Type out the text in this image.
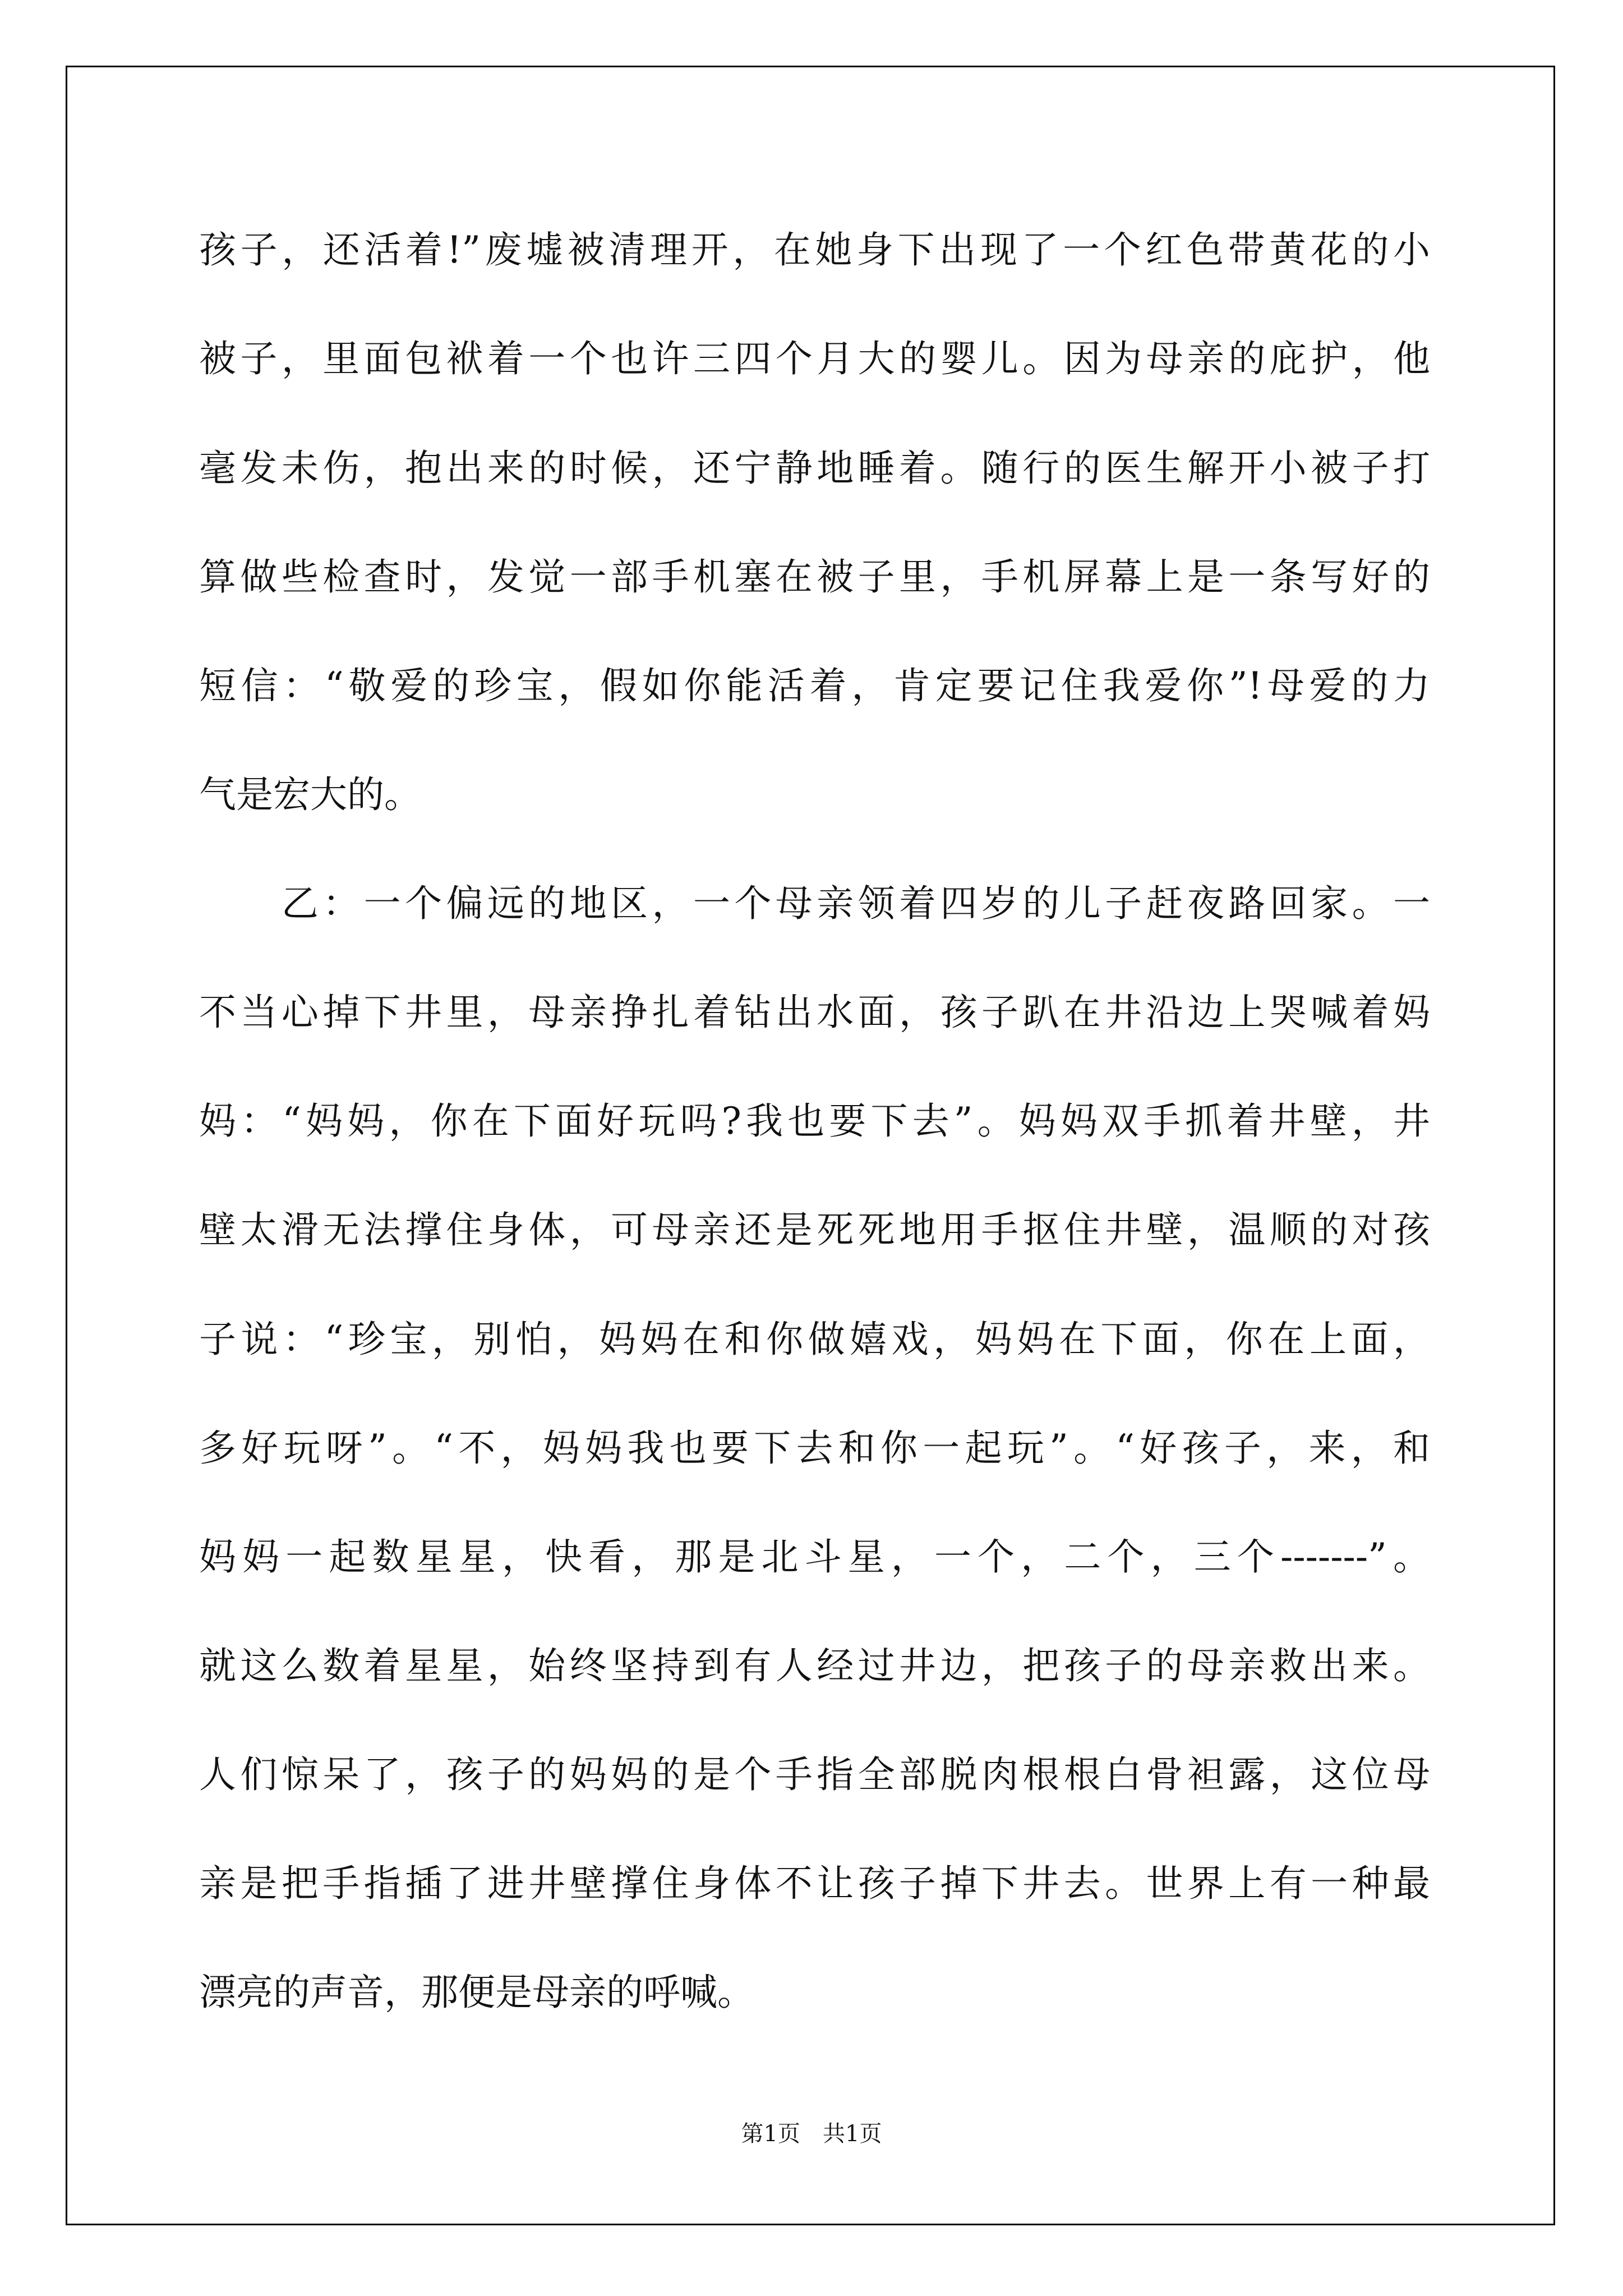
孩子，还活着!”废墟被清理开，在她身下出现了一个红色带黄花的小
被子，里面包袱着一个也许三四个月大的婴儿。因为母亲的庇护，他
毫发未伤，抱出来的时候，还宁静地睡着。随行的医生解开小被子打
算做些检查时，发觉一部手机塞在被子里，手机屏幕上是一条写好的
短信：“敬爱的珍宝，假如你能活着，肯定要记住我爱你”!母爱的力
气是宏大的。
　　乙：一个偏远的地区，一个母亲领着四岁的儿子赶夜路回家。一
不当心掉下井里，母亲挣扎着钻出水面，孩子趴在井沿边上哭喊着妈
妈：“妈妈，你在下面好玩吗?我也要下去”。妈妈双手抓着井壁，井
壁太滑无法撑住身体，可母亲还是死死地用手抠住井壁，温顺的对孩
子说：“珍宝，别怕，妈妈在和你做嬉戏，妈妈在下面，你在上面，
多好玩呀”。“不，妈妈我也要下去和你一起玩”。“好孩子，来，和
妈妈一起数星星，快看，那是北斗星，一个，二个，三个-------”。
就这么数着星星，始终坚持到有人经过井边，把孩子的母亲救出来。
人们惊呆了，孩子的妈妈的是个手指全部脱肉根根白骨袒露，这位母
亲是把手指插了进井壁撑住身体不让孩子掉下井去。世界上有一种最
漂亮的声音，那便是母亲的呼喊。
第1页　共1页
